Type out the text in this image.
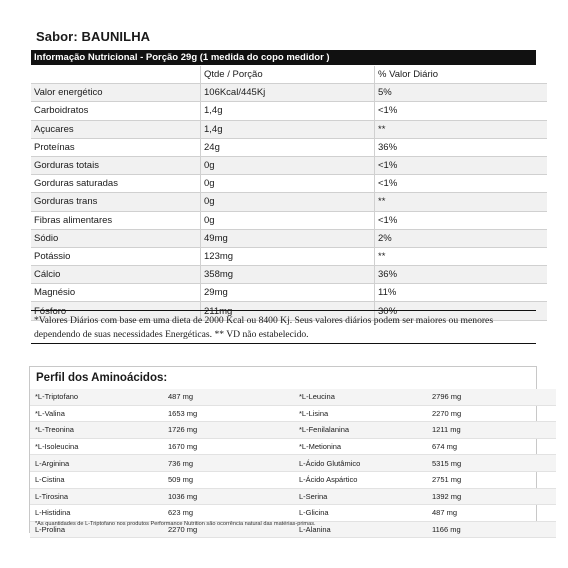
Sabor: BAUNILHA
Informação Nutricional - Porção 29g (1 medida do copo medidor )
	Qtde / Porção	% Valor Diário
Valor energético	106Kcal/445Kj	5%
Carboidratos	1,4g	<1%
Açucares	1,4g	**
Proteínas	24g	36%
Gorduras totais	0g	<1%
Gorduras saturadas	0g	<1%
Gorduras trans	0g	**
Fibras alimentares	0g	<1%
Sódio	49mg	2%
Potássio	123mg	**
Cálcio	358mg	36%
Magnésio	29mg	11%
Fósforo	211mg	30%
*Valores Diários com base em uma dieta de 2000 Kcal ou 8400 Kj. Seus valores diários podem ser maiores ou menores dependendo de suas necessidades Energéticas. ** VD não estabelecido.
Perfil dos Aminoácidos:
*L-Triptofano	487 mg	*L-Leucina	2796 mg
*L-Valina	1653 mg	*L-Lisina	2270 mg
*L-Treonina	1726 mg	*L-Fenilalanina	1211 mg
*L-Isoleucina	1670 mg	*L-Metionina	674 mg
L-Arginina	736 mg	L-Ácido Glutâmico	5315 mg
L-Cistina	509 mg	L-Ácido Aspártico	2751 mg
L-Tirosina	1036 mg	L-Serina	1392 mg
L-Histidina	623 mg	L-Glicina	487 mg
L-Prolina	2270 mg	L-Alanina	1166 mg
*As quantidades de L-Triptofano nos produtos Performance Nutrition são ocorrência natural das matérias-primas.
